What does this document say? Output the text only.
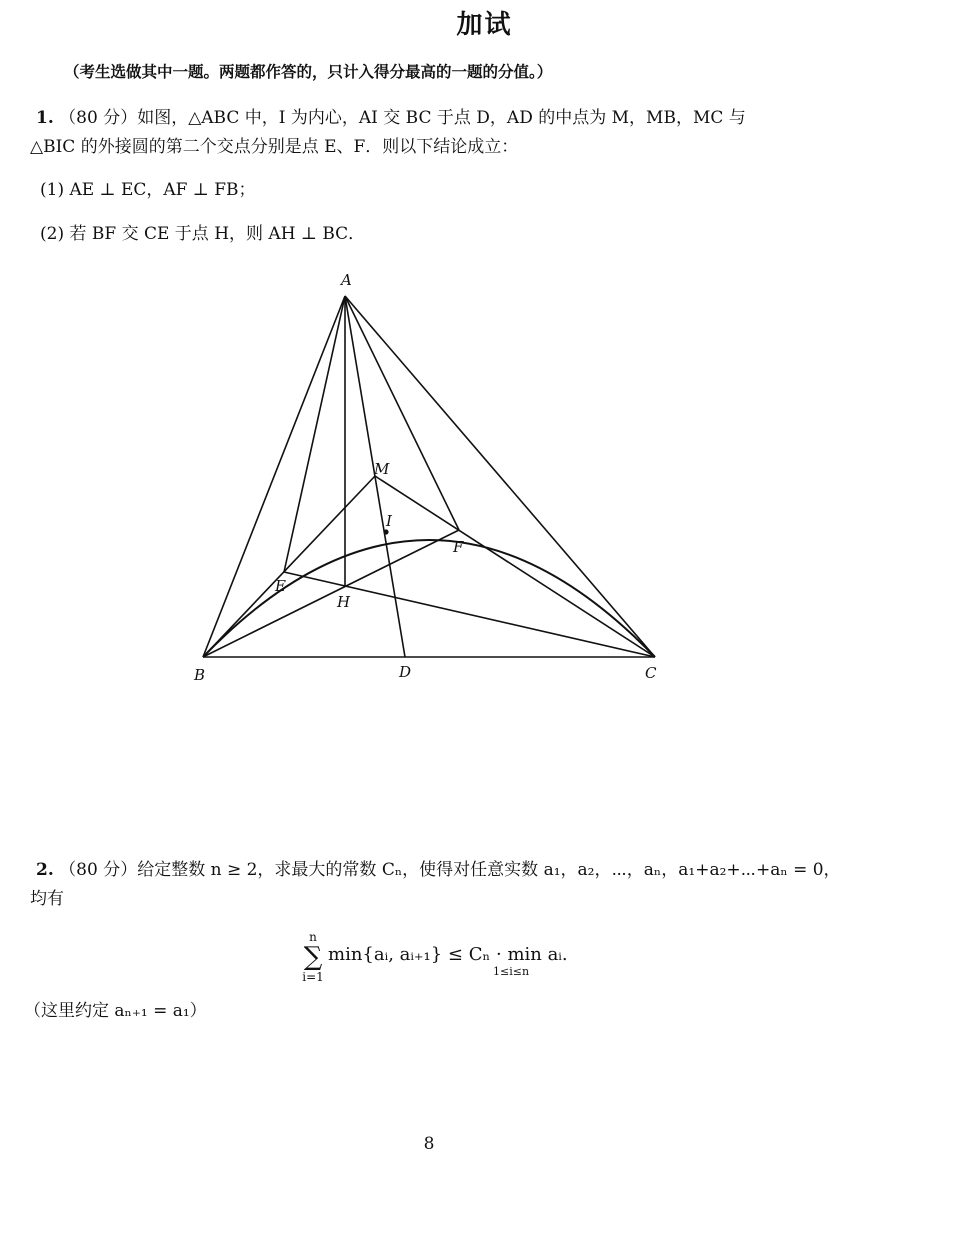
加试
（考生选做其中一题。两题都作答的，只计入得分最高的一题的分值。）
1. （80 分）如图，△ABC 中，I 为内心，AI 交 BC 于点 D，AD 的中点为 M，MB，MC 与
△BIC 的外接圆的第二个交点分别是点 E、F．则以下结论成立：
(1) AE ⊥ EC，AF ⊥ FB；
(2) 若 BF 交 CE 于点 H，则 AH ⊥ BC．
A
M
I
F
E
H
B	D	C
2. （80 分）给定整数 n ≥ 2，求最大的常数 Cₙ，使得对任意实数 a₁，a₂，⋯，aₙ，a₁+a₂+⋯+aₙ = 0，
均有
n
∑
i=1
min{aᵢ, aᵢ₊₁} ≤ Cₙ · min aᵢ.
1≤i≤n
（这里约定 aₙ₊₁ = a₁）
8
